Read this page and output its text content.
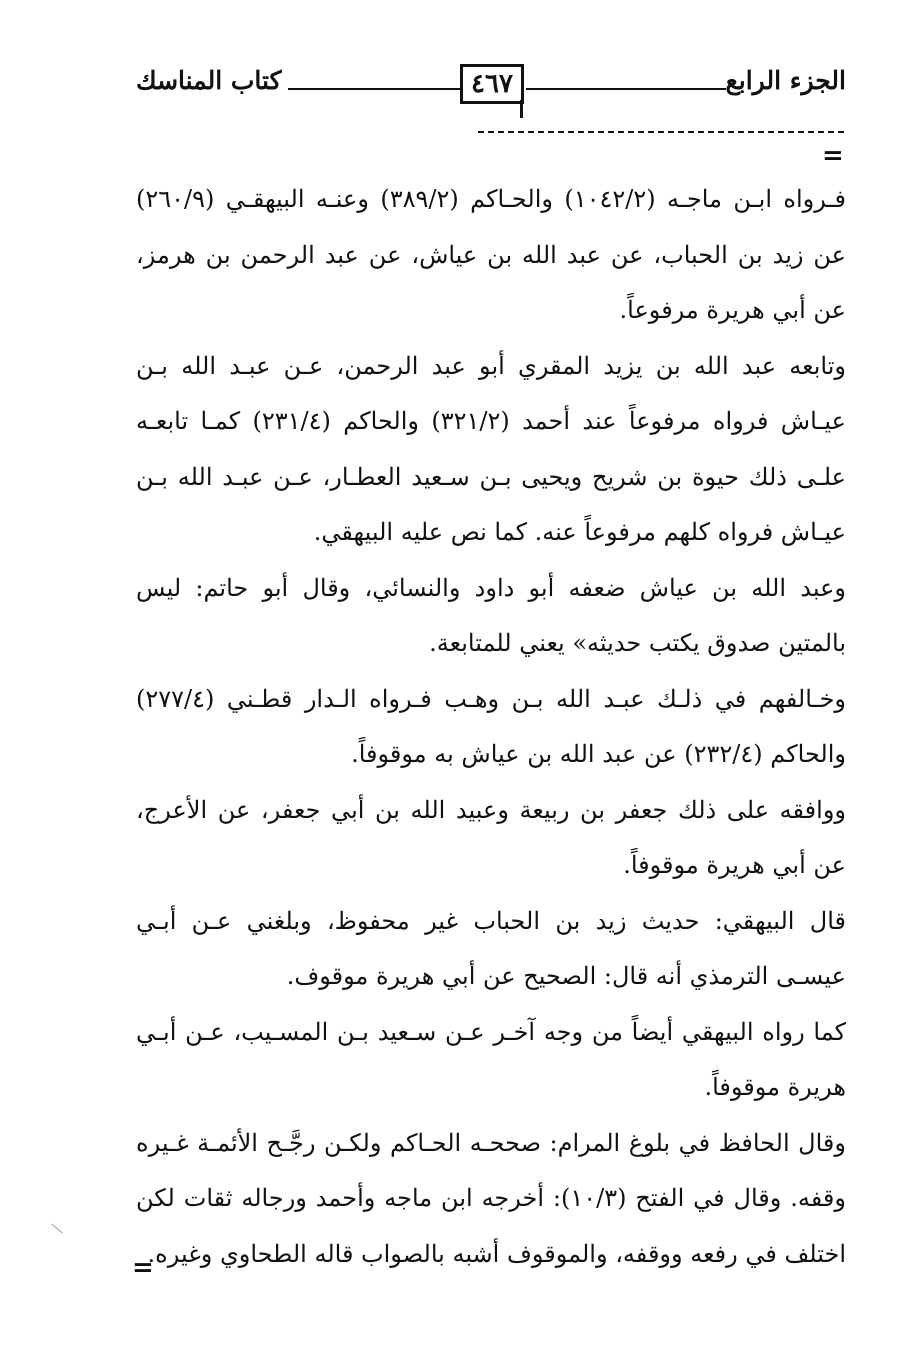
كتاب المناسك	٤٦٧	الجزء الرابع
=

فـرواه ابـن ماجـه (١٠٤٢/٢) والحـاكم (٣٨٩/٢) وعنـه البيهقـي (٢٦٠/٩) عن زيد بن الحباب، عن عبد الله بن عياش، عن عبد الرحمن بن هرمز، عن أبي هريرة مرفوعاً.

وتابعه عبد الله بن يزيد المقري أبو عبد الرحمن، عـن عبـد الله بـن عيـاش فرواه مرفوعاً عند أحمد (٣٢١/٢) والحاكم (٢٣١/٤) كمـا تابعـه علـى ذلك حيوة بن شريح ويحيى بـن سـعيد العطـار، عـن عبـد الله بـن عيـاش فرواه كلهم مرفوعاً عنه. كما نص عليه البيهقي.

وعبد الله بن عياش ضعفه أبو داود والنسائي، وقال أبو حاتم: ليس بالمتين صدوق يكتب حديثه» يعني للمتابعة.

وخـالفهم في ذلـك عبـد الله بـن وهـب فـرواه الـدار قطـني (٢٧٧/٤) والحاكم (٢٣٢/٤) عن عبد الله بن عياش به موقوفاً.

ووافقه على ذلك جعفر بن ربيعة وعبيد الله بن أبي جعفر، عن الأعرج، عن أبي هريرة موقوفاً.

قال البيهقي: حديث زيد بن الحباب غير محفوظ، وبلغني عـن أبـي عيسـى الترمذي أنه قال: الصحيح عن أبي هريرة موقوف.

كما رواه البيهقي أيضاً من وجه آخـر عـن سـعيد بـن المسـيب، عـن أبـي هريرة موقوفاً.

وقال الحافظ في بلوغ المرام: صححـه الحـاكم ولكـن رجَّـح الأئمـة غـيره وقفه. وقال في الفتح (١٠/٣): أخرجه ابن ماجه وأحمد ورجاله ثقات لكن اختلف في رفعه ووقفه، والموقوف أشبه بالصواب قاله الطحاوي وغيره.

=
